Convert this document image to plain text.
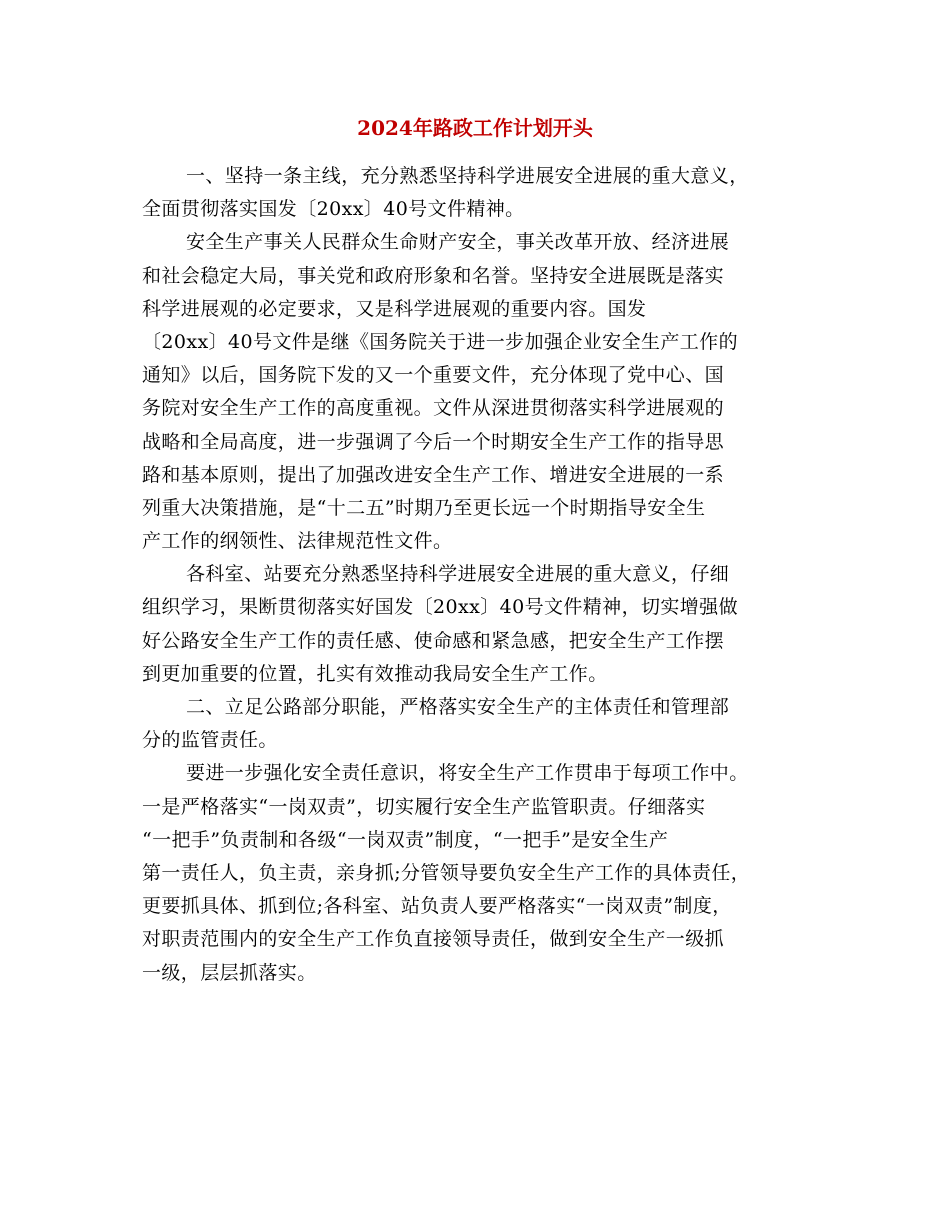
2024年路政工作计划开头
一、坚持一条主线，充分熟悉坚持科学进展安全进展的重大意义，
全面贯彻落实国发〔20xx〕40号文件精神。
安全生产事关人民群众生命财产安全，事关改革开放、经济进展
和社会稳定大局，事关党和政府形象和名誉。坚持安全进展既是落实
科学进展观的必定要求，又是科学进展观的重要内容。国发
〔20xx〕40号文件是继《国务院关于进一步加强企业安全生产工作的
通知》以后，国务院下发的又一个重要文件，充分体现了党中心、国
务院对安全生产工作的高度重视。文件从深进贯彻落实科学进展观的
战略和全局高度，进一步强调了今后一个时期安全生产工作的指导思
路和基本原则，提出了加强改进安全生产工作、增进安全进展的一系
列重大决策措施，是“十二五”时期乃至更长远一个时期指导安全生
产工作的纲领性、法律规范性文件。
各科室、站要充分熟悉坚持科学进展安全进展的重大意义，仔细
组织学习，果断贯彻落实好国发〔20xx〕40号文件精神，切实增强做
好公路安全生产工作的责任感、使命感和紧急感，把安全生产工作摆
到更加重要的位置，扎实有效推动我局安全生产工作。
二、立足公路部分职能，严格落实安全生产的主体责任和管理部
分的监管责任。
要进一步强化安全责任意识，将安全生产工作贯串于每项工作中。
一是严格落实“一岗双责”，切实履行安全生产监管职责。仔细落实
“一把手”负责制和各级“一岗双责”制度，“一把手”是安全生产
第一责任人，负主责，亲身抓;分管领导要负安全生产工作的具体责任，
更要抓具体、抓到位;各科室、站负责人要严格落实“一岗双责”制度，
对职责范围内的安全生产工作负直接领导责任，做到安全生产一级抓
一级，层层抓落实。
